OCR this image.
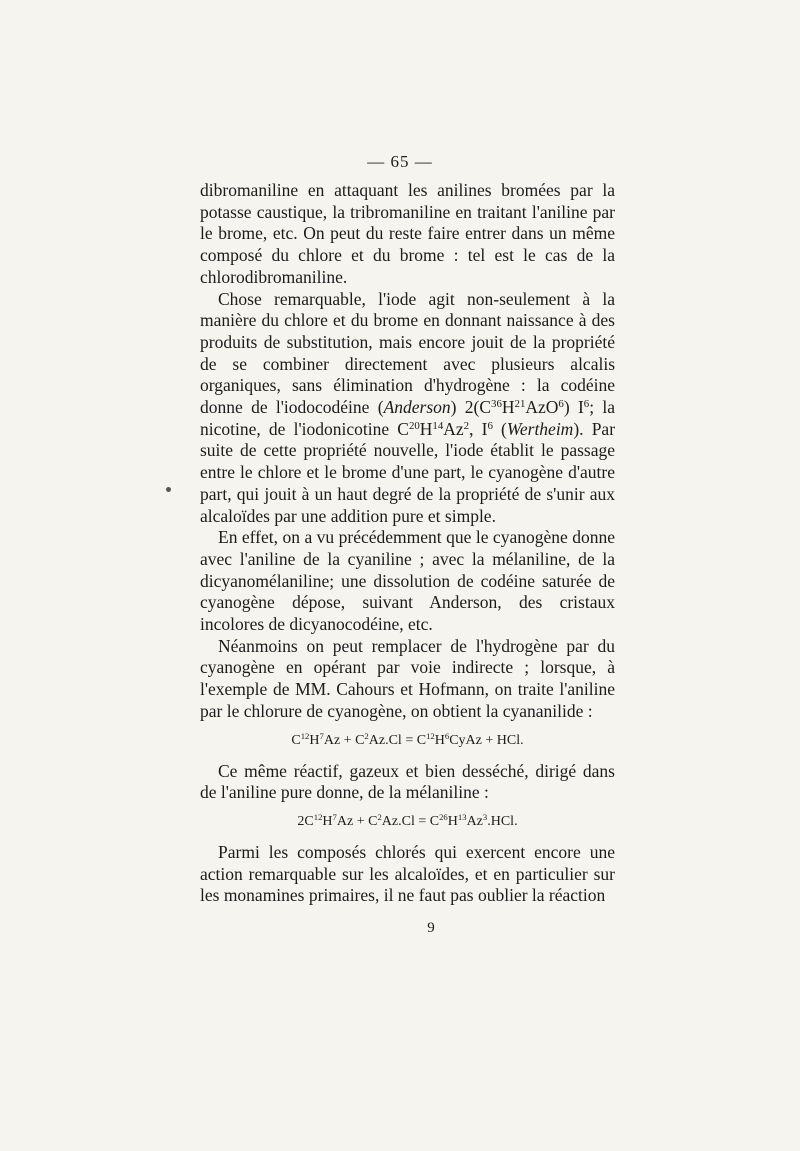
— 65 —

dibromaniline en attaquant les anilines bromées par la potasse caustique, la tribromaniline en traitant l'aniline par le brome, etc. On peut du reste faire entrer dans un même composé du chlore et du brome : tel est le cas de la chlorodibromaniline.

Chose remarquable, l'iode agit non-seulement à la manière du chlore et du brome en donnant naissance à des produits de substitution, mais encore jouit de la propriété de se combiner directement avec plusieurs alcalis organiques, sans élimination d'hydrogène : la codéine donne de l'iodocodéine (Anderson) $2(C^{36}H^{21}AzO^6)$ $I^6$; la nicotine, de l'iodonicotine $C^{20}H^{14}Az^2$, $I^6$ (Wertheim). Par suite de cette propriété nouvelle, l'iode établit le passage entre le chlore et le brome d'une part, le cyanogène d'autre part, qui jouit à un haut degré de la propriété de s'unir aux alcaloïdes par une addition pure et simple.

En effet, on a vu précédemment que le cyanogène donne avec l'aniline de la cyaniline ; avec la mélaniline, de la dicyanomélaniline; une dissolution de codéine saturée de cyanogène dépose, suivant Anderson, des cristaux incolores de dicyanocodéine, etc.

Néanmoins on peut remplacer de l'hydrogène par du cyanogène en opérant par voie indirecte ; lorsque, à l'exemple de MM. Cahours et Hofmann, on traite l'aniline par le chlorure de cyanogène, on obtient la cyananilide :

$C^{12}H^7Az + C^2Az.Cl$ = $C^{12}H^6CyAz$ + HCl.

Ce même réactif, gazeux et bien desséché, dirigé dans de l'aniline pure donne, de la mélaniline :

$2C^{12}H^7Az + C^2Az.Cl = C^{26}H^{13}Az^3.HCl$.

Parmi les composés chlorés qui exercent encore une action remarquable sur les alcaloïdes, et en particulier sur les monamines primaires, il ne faut pas oublier la réaction

9
